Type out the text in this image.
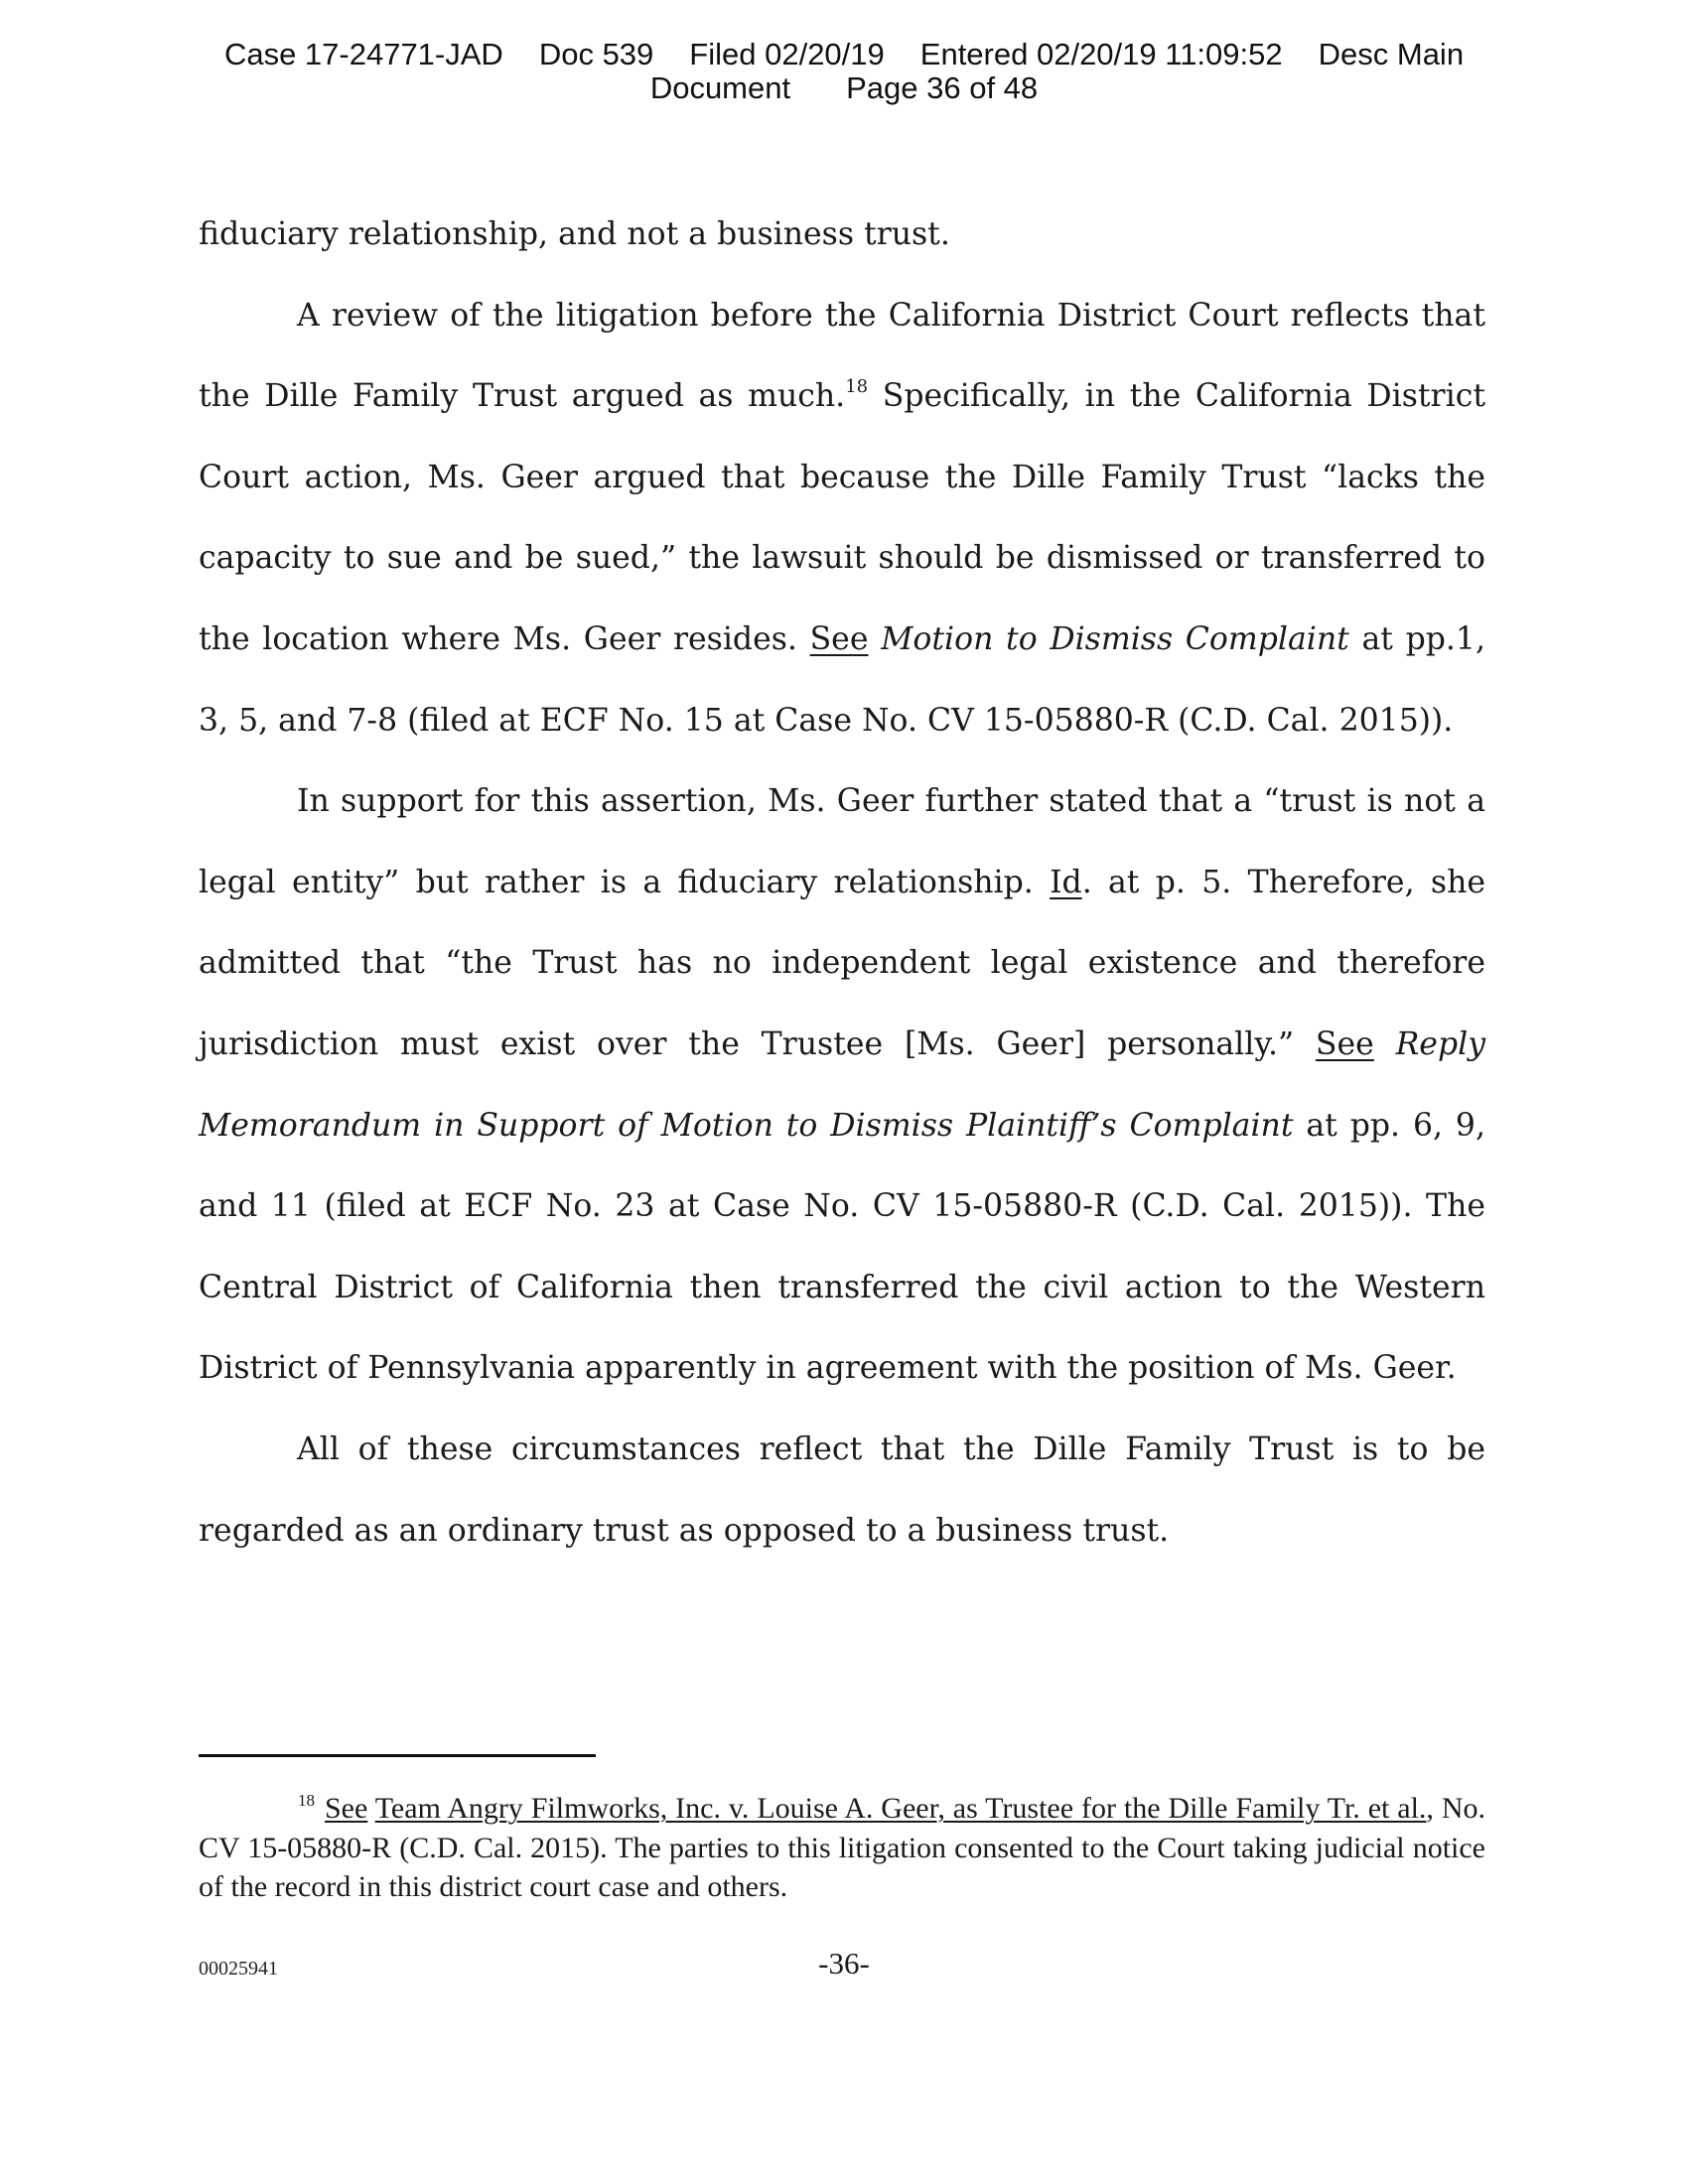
Case 17-24771-JAD Doc 539 Filed 02/20/19 Entered 02/20/19 11:09:52 Desc Main
Document Page 36 of 48

fiduciary relationship, and not a business trust.

A review of the litigation before the California District Court reflects that the Dille Family Trust argued as much.$^{18}$ Specifically, in the California District Court action, Ms. Geer argued that because the Dille Family Trust “lacks the capacity to sue and be sued,” the lawsuit should be dismissed or transferred to the location where Ms. Geer resides. See Motion to Dismiss Complaint at pp.1, 3, 5, and 7-8 (filed at ECF No. 15 at Case No. CV 15-05880-R (C.D. Cal. 2015)).

In support for this assertion, Ms. Geer further stated that a “trust is not a legal entity” but rather is a fiduciary relationship. Id. at p. 5. Therefore, she admitted that “the Trust has no independent legal existence and therefore jurisdiction must exist over the Trustee [Ms. Geer] personally.” See Reply Memorandum in Support of Motion to Dismiss Plaintiff’s Complaint at pp. 6, 9, and 11 (filed at ECF No. 23 at Case No. CV 15-05880-R (C.D. Cal. 2015)). The Central District of California then transferred the civil action to the Western District of Pennsylvania apparently in agreement with the position of Ms. Geer.

All of these circumstances reflect that the Dille Family Trust is to be regarded as an ordinary trust as opposed to a business trust.

$^{18}$ See Team Angry Filmworks, Inc. v. Louise A. Geer, as Trustee for the Dille Family Tr. et al., No. CV 15-05880-R (C.D. Cal. 2015). The parties to this litigation consented to the Court taking judicial notice of the record in this district court case and others.
00025941	-36-
